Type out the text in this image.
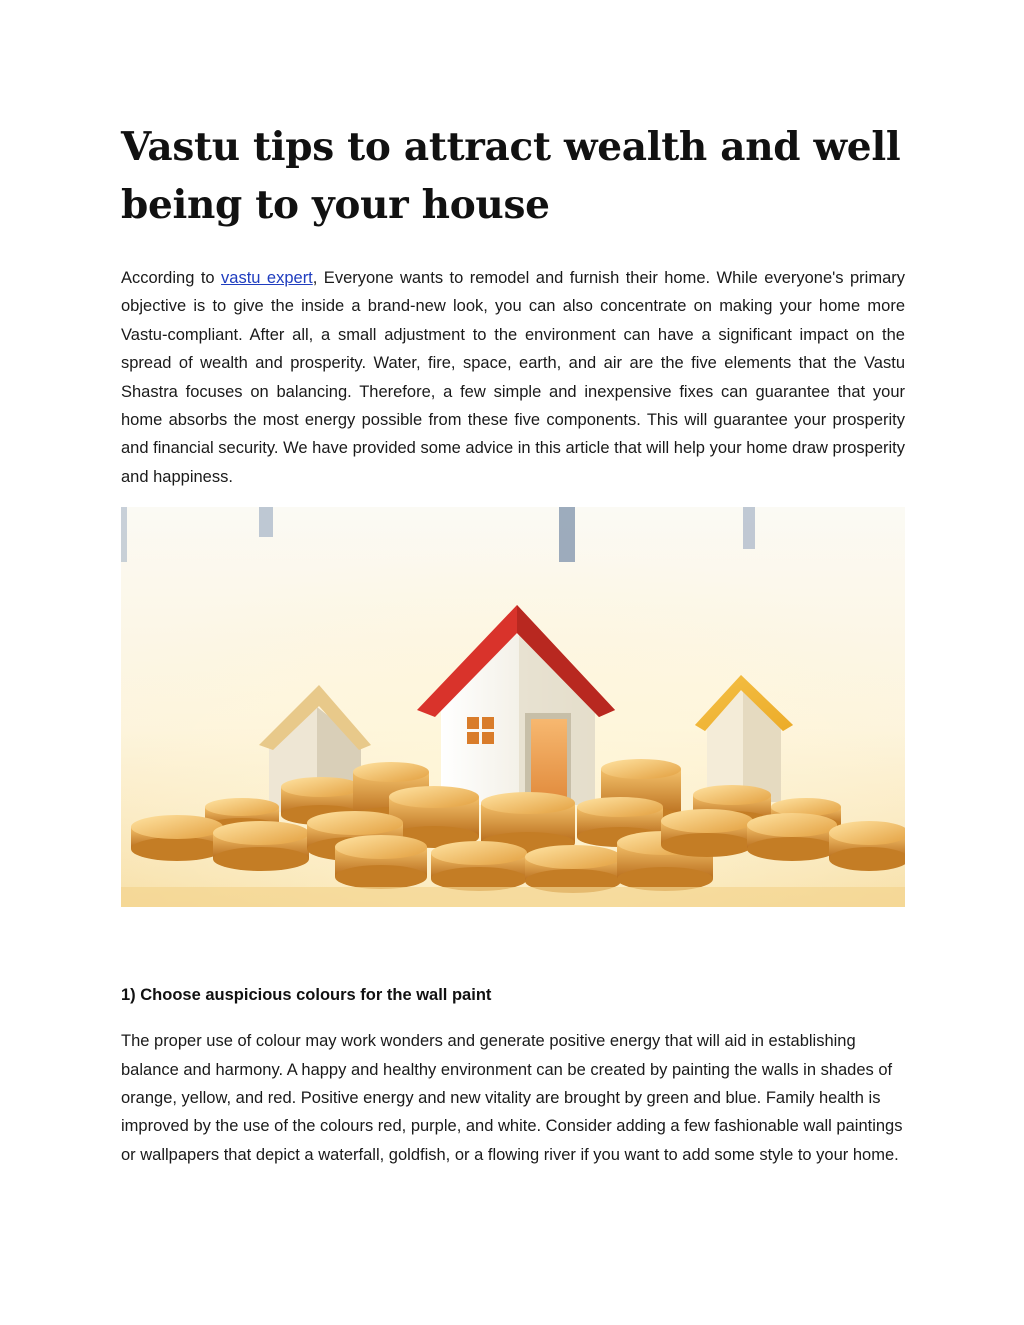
Vastu tips to attract wealth and well being to your house

According to vastu expert, Everyone wants to remodel and furnish their home. While everyone's primary objective is to give the inside a brand-new look, you can also concentrate on making your home more Vastu-compliant. After all, a small adjustment to the environment can have a significant impact on the spread of wealth and prosperity. Water, fire, space, earth, and air are the five elements that the Vastu Shastra focuses on balancing. Therefore, a few simple and inexpensive fixes can guarantee that your home absorbs the most energy possible from these five components. This will guarantee your prosperity and financial security. We have provided some advice in this article that will help your home draw prosperity and happiness.

1) Choose auspicious colours for the wall paint

The proper use of colour may work wonders and generate positive energy that will aid in establishing balance and harmony. A happy and healthy environment can be created by painting the walls in shades of orange, yellow, and red. Positive energy and new vitality are brought by green and blue. Family health is improved by the use of the colours red, purple, and white. Consider adding a few fashionable wall paintings or wallpapers that depict a waterfall, goldfish, or a flowing river if you want to add some style to your home.
